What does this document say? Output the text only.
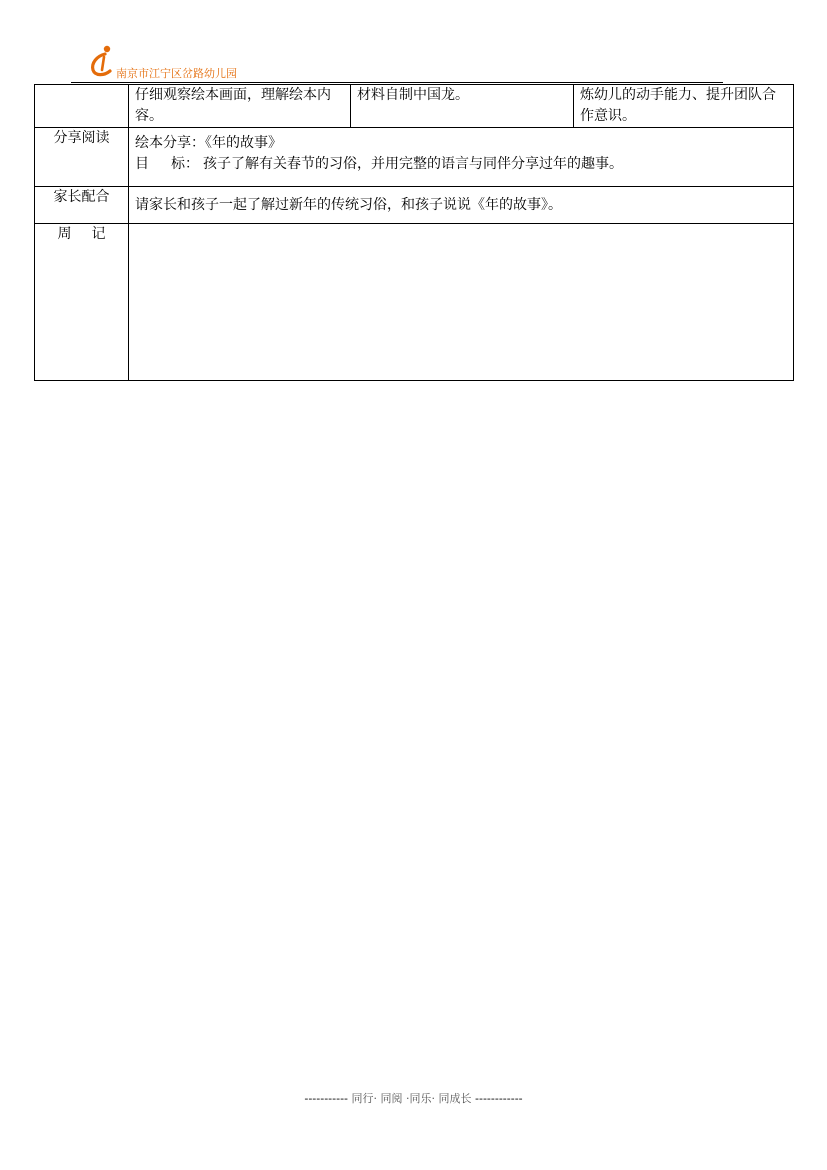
南京市江宁区岔路幼儿园
	仔细观察绘本画面，理解绘本内容。	材料自制中国龙。	炼幼儿的动手能力、提升团队合作意识。
分享阅读	绘本分享：《年的故事》
目 标： 孩子了解有关春节的习俗，并用完整的语言与同伴分享过年的趣事。		

家长配合	请家长和孩子一起了解过新年的传统习俗，和孩子说说《年的故事》。		
周 记			
----------- 同行· 同阅 ·同乐· 同成长 ------------
